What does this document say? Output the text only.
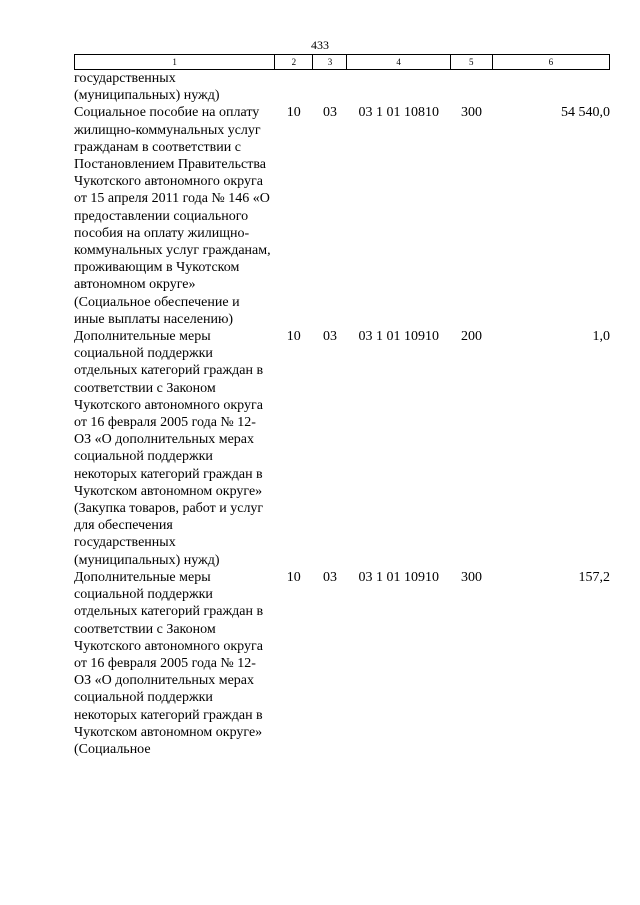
433
1	2	3	4	5	6
государственных (муниципальных) нужд)					
Социальное пособие на оплату жилищно-коммунальных услуг гражданам в соответствии с Постановлением Правительства Чукотского автономного округа от 15 апреля 2011 года № 146 «О предоставлении социального пособия на оплату жилищно-коммунальных услуг гражданам, проживающим в Чукотском автономном округе» (Социальное обеспечение и иные выплаты населению)	10	03	03 1 01 10810	300	54 540,0
Дополнительные меры социальной поддержки отдельных категорий граждан в соответствии с Законом Чукотского автономного округа от 16 февраля 2005 года № 12-ОЗ «О дополнительных мерах социальной поддержки некоторых категорий граждан в Чукотском автономном округе» (Закупка товаров, работ и услуг для обеспечения государственных (муниципальных) нужд)	10	03	03 1 01 10910	200	1,0
Дополнительные меры социальной поддержки отдельных категорий граждан в соответствии с Законом Чукотского автономного округа от 16 февраля 2005 года № 12-ОЗ «О дополнительных мерах социальной поддержки некоторых категорий граждан в Чукотском автономном округе» (Социальное	10	03	03 1 01 10910	300	157,2
